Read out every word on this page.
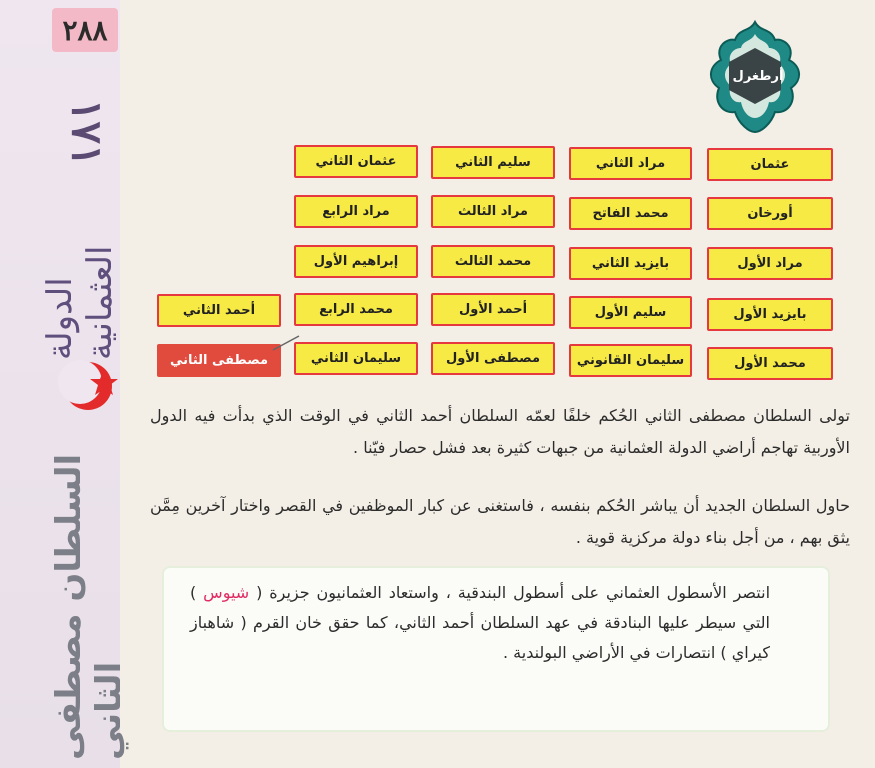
٢٨٨
١٧١
الدولة العثمانية
السلطان مصطفى الثاني
أرطغرل
عثمان
أورخان
مراد الأول
بايزيد الأول
محمد الأول
مراد الثاني
محمد الفاتح
بايزيد الثاني
سليم الأول
سليمان القانوني
سليم الثاني
مراد الثالث
محمد الثالث
أحمد الأول
مصطفى الأول
عثمان الثاني
مراد الرابع
إبراهيم الأول
محمد الرابع
سليمان الثاني
أحمد الثاني
مصطفى الثاني
تولى السلطان مصطفى الثاني الحُكم خلفًا لعمّه السلطان أحمد الثاني في الوقت الذي بدأت فيه الدول الأوربية تهاجم أراضي الدولة العثمانية من جبهات كثيرة بعد فشل حصار فيّنا .
حاول السلطان الجديد أن يباشر الحُكم بنفسه ، فاستغنى عن كبار الموظفين في القصر واختار آخرين مِمَّن يثق بهم ، من أجل بناء دولة مركزية قوية .
انتصر الأسطول العثماني على أسطول البندقية ، واستعاد العثمانيون جزيرة ( شيوس ) التي سيطر عليها البنادقة في عهد السلطان أحمد الثاني، كما حقق خان القرم ( شاهباز كيراي ) انتصارات في الأراضي البولندية .
